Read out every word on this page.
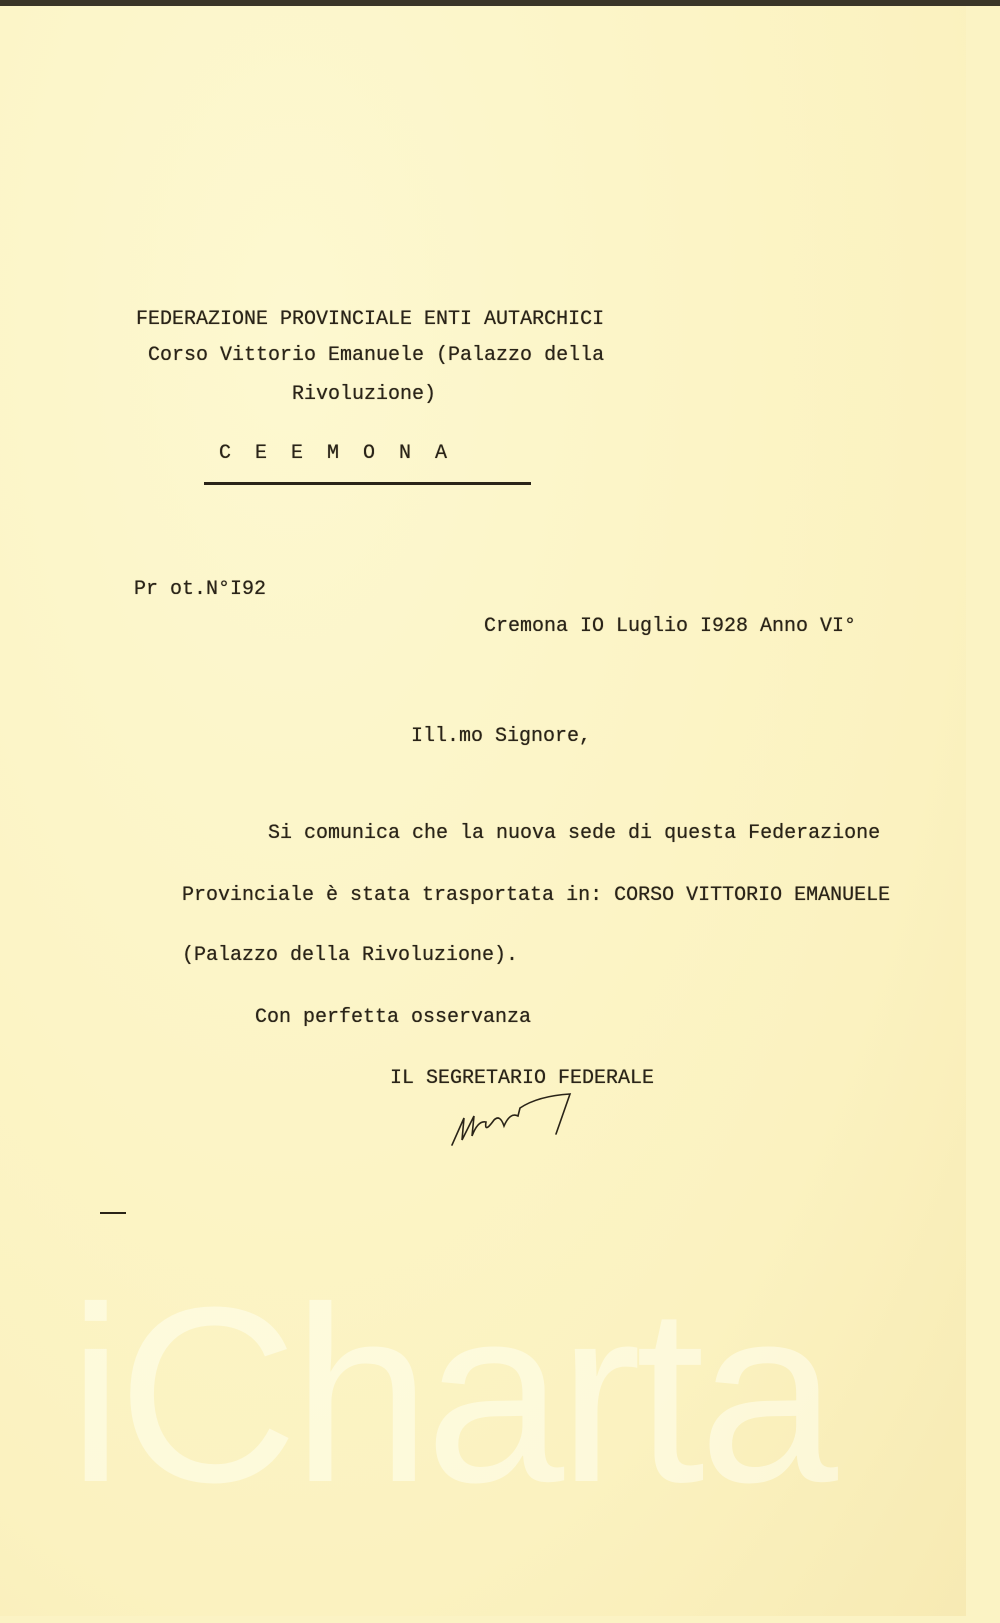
iCharta
FEDERAZIONE PROVINCIALE ENTI AUTARCHICI
Corso Vittorio Emanuele (Palazzo della
Rivoluzione)
C  E  E  M  O  N  A
Pr ot.N°I92
Cremona IO Luglio I928 Anno VI°
Ill.mo Signore,
Si comunica che la nuova sede di questa Federazione
Provinciale è stata trasportata in: CORSO VITTORIO EMANUELE
(Palazzo della Rivoluzione).
Con perfetta osservanza
IL SEGRETARIO FEDERALE
